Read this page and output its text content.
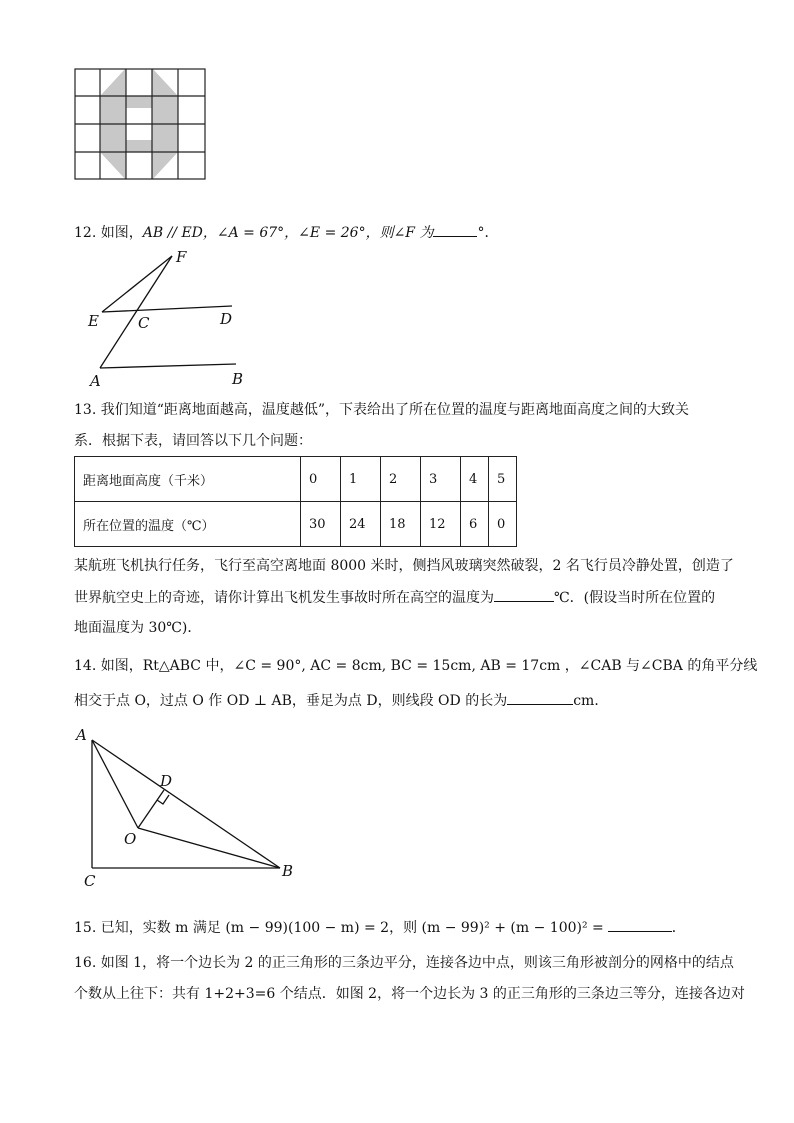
12. 如图，AB // ED，∠A = 67°，∠E = 26°，则∠F 为	°．
F
E	C	D
A	B
13. 我们知道“距离地面越高，温度越低”，下表给出了所在位置的温度与距离地面高度之间的大致关
系．根据下表，请回答以下几个问题：
距离地面高度（千米）	0	1	2	3	4	5
所在位置的温度（℃）	30	24	18	12	6	0
某航班飞机执行任务，飞行至高空离地面 8000 米时，侧挡风玻璃突然破裂，2 名飞行员冷静处置，创造了
世界航空史上的奇迹，请你计算出飞机发生事故时所在高空的温度为	℃．(假设当时所在位置的
地面温度为 30℃)．
14. 如图，Rt△ABC 中，∠C = 90°, AC = 8cm, BC = 15cm, AB = 17cm ，∠CAB 与∠CBA 的角平分线
相交于点 O，过点 O 作 OD ⊥ AB，垂足为点 D，则线段 OD 的长为	cm．
A
D
O
C
B
15. 已知，实数 m 满足 (m − 99)(100 − m) = 2，则 (m − 99)² + (m − 100)² =	．
16. 如图 1，将一个边长为 2 的正三角形的三条边平分，连接各边中点，则该三角形被剖分的网格中的结点
个数从上往下：共有 1+2+3=6 个结点．如图 2，将一个边长为 3 的正三角形的三条边三等分，连接各边对
